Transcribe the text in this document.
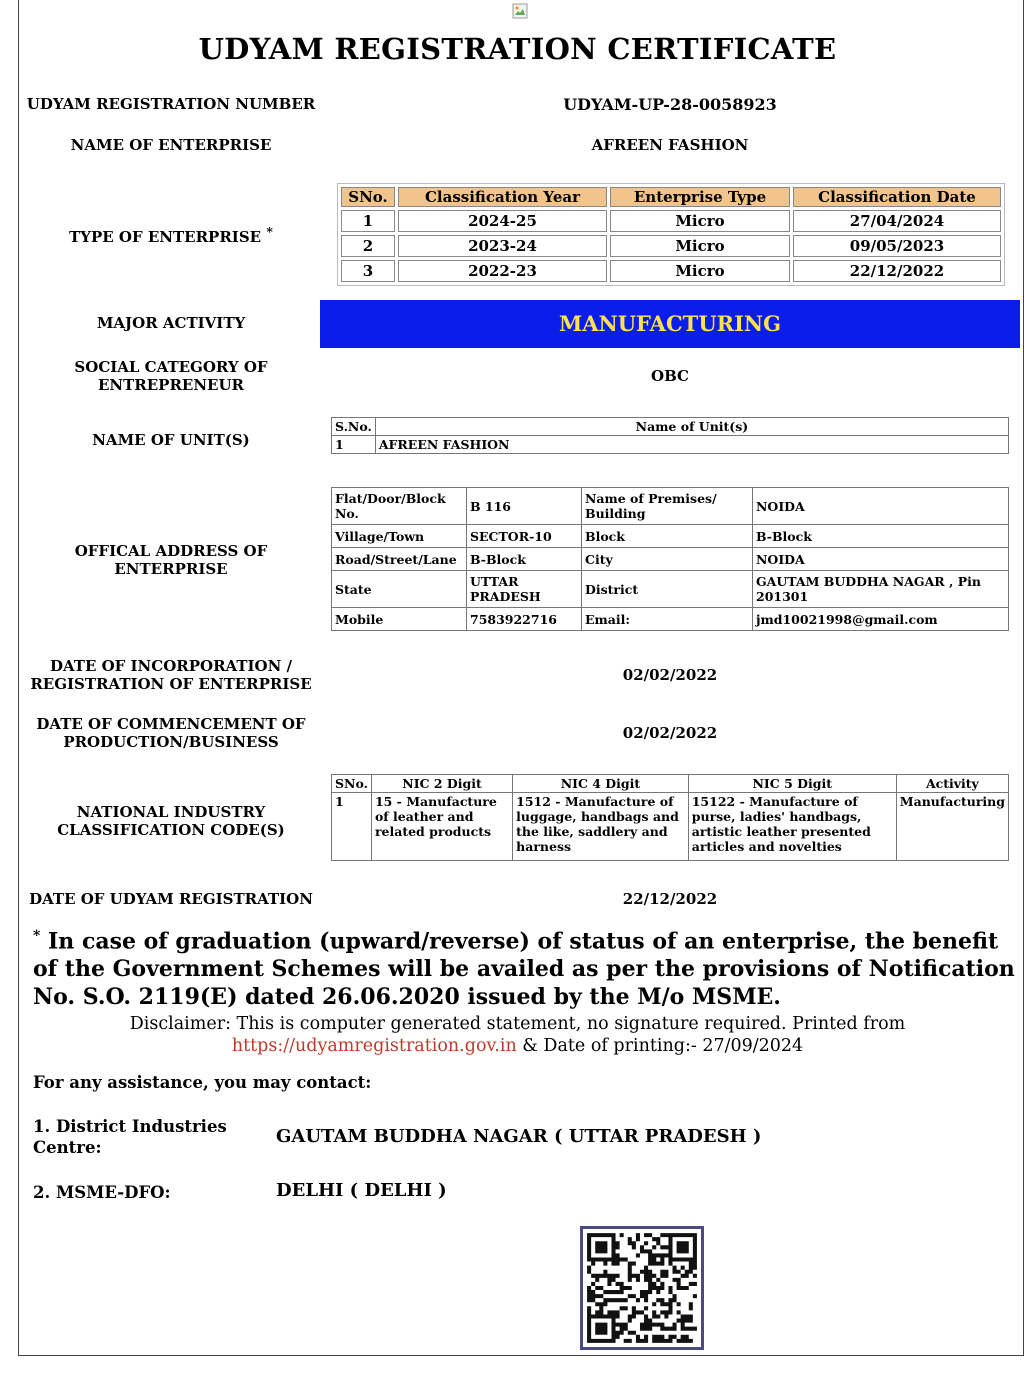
UDYAM REGISTRATION CERTIFICATE
UDYAM REGISTRATION NUMBER	UDYAM-UP-28-0058923
NAME OF ENTERPRISE	AFREEN FASHION
TYPE OF ENTERPRISE *
SNo.	Classification Year	Enterprise Type	Classification Date
1	2024-25	Micro	27/04/2024
2	2023-24	Micro	09/05/2023
3	2022-23	Micro	22/12/2022
MAJOR ACTIVITY	MANUFACTURING
SOCIAL CATEGORY OF
ENTREPRENEUR	OBC
NAME OF UNIT(S)
S.No.	Name of Unit(s)
1	AFREEN FASHION
OFFICAL ADDRESS OF
ENTERPRISE
Flat/Door/Block No.	B 116	Name of Premises/ Building	NOIDA
Village/Town	SECTOR-10	Block	B-Block
Road/Street/Lane	B-Block	City	NOIDA
State	UTTAR PRADESH	District	GAUTAM BUDDHA NAGAR , Pin 201301
Mobile	7583922716	Email:	jmd10021998@gmail.com
DATE OF INCORPORATION /
REGISTRATION OF ENTERPRISE	02/02/2022
DATE OF COMMENCEMENT OF
PRODUCTION/BUSINESS	02/02/2022
NATIONAL INDUSTRY
CLASSIFICATION CODE(S)
SNo.	NIC 2 Digit	NIC 4 Digit	NIC 5 Digit	Activity
1	15 - Manufacture of leather and related products	1512 - Manufacture of luggage, handbags and the like, saddlery and harness	15122 - Manufacture of purse, ladies' handbags, artistic leather presented articles and novelties	Manufacturing
DATE OF UDYAM REGISTRATION	22/12/2022
* In case of graduation (upward/reverse) of status of an enterprise, the benefit of the Government Schemes will be availed as per the provisions of Notification No. S.O. 2119(E) dated 26.06.2020 issued by the M/o MSME.
Disclaimer: This is computer generated statement, no signature required. Printed from
https://udyamregistration.gov.in & Date of printing:- 27/09/2024
For any assistance, you may contact:
1. District Industries Centre:
GAUTAM BUDDHA NAGAR ( UTTAR PRADESH )
2. MSME-DFO:	DELHI ( DELHI )
